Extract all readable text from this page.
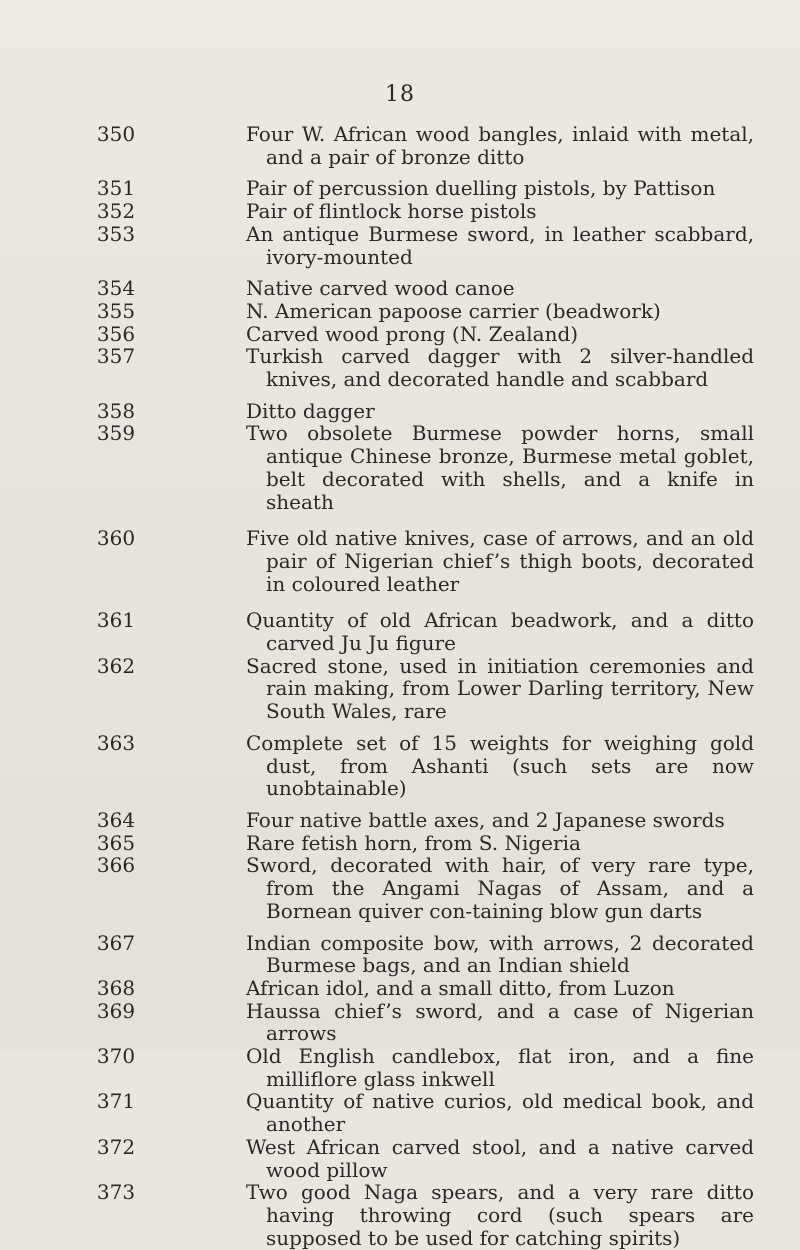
18
350	Four W. African wood bangles, inlaid with metal, and a pair of bronze ditto
351	Pair of percussion duelling pistols, by Pattison
352	Pair of flintlock horse pistols
353	An antique Burmese sword, in leather scabbard, ivory-mounted
354	Native carved wood canoe
355	N. American papoose carrier (beadwork)
356	Carved wood prong (N. Zealand)
357	Turkish carved dagger with 2 silver-handled knives, and decorated handle and scabbard
358	Ditto dagger
359	Two obsolete Burmese powder horns, small antique Chinese bronze, Burmese metal goblet, belt decorated with shells, and a knife in sheath
360	Five old native knives, case of arrows, and an old pair of Nigerian chief’s thigh boots, decorated in coloured leather
361	Quantity of old African beadwork, and a ditto carved Ju Ju figure
362	Sacred stone, used in initiation ceremonies and rain making, from Lower Darling territory, New South Wales, rare
363	Complete set of 15 weights for weighing gold dust, from Ashanti (such sets are now unobtainable)
364	Four native battle axes, and 2 Japanese swords
365	Rare fetish horn, from S. Nigeria
366	Sword, decorated with hair, of very rare type, from the Angami Nagas of Assam, and a Bornean quiver con-taining blow gun darts
367	Indian composite bow, with arrows, 2 decorated Burmese bags, and an Indian shield
368	African idol, and a small ditto, from Luzon
369	Haussa chief’s sword, and a case of Nigerian arrows
370	Old English candlebox, flat iron, and a fine milliflore glass inkwell
371	Quantity of native curios, old medical book, and another
372	West African carved stool, and a native carved wood pillow
373	Two good Naga spears, and a very rare ditto having throwing cord (such spears are supposed to be used for catching spirits)
